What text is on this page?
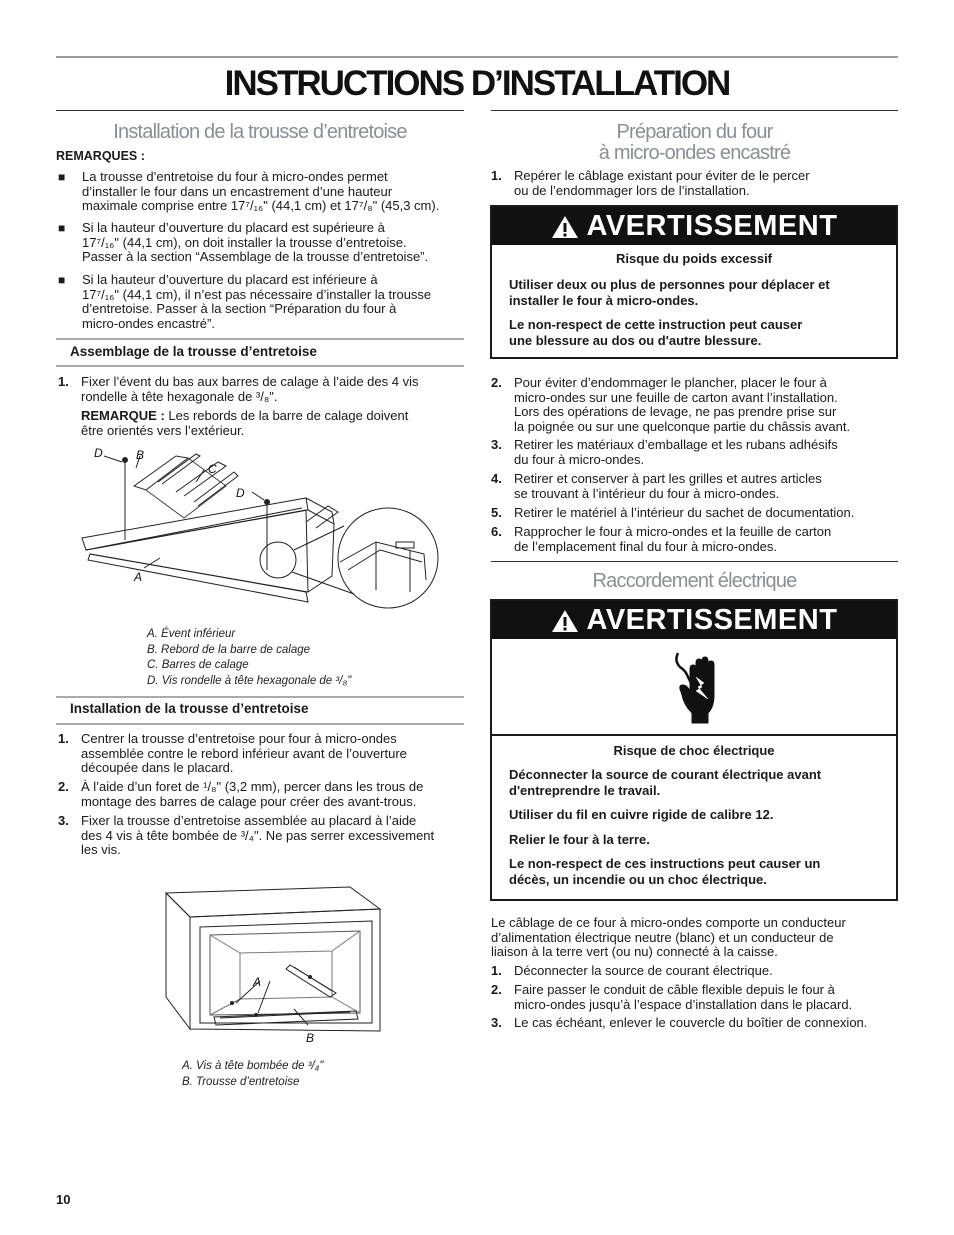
INSTRUCTIONS D’INSTALLATION
Installation de la trousse d’entretoise
REMARQUES :
■ La trousse d’entretoise du four à micro-ondes permet
d’installer le four dans un encastrement d’une hauteur
maximale comprise entre 17⁷/₁₆" (44,1 cm) et 17⁷/₈" (45,3 cm).
■ Si la hauteur d’ouverture du placard est supérieure à
17⁷/₁₆" (44,1 cm), on doit installer la trousse d’entretoise.
Passer à la section “Assemblage de la trousse d’entretoise”.
■ Si la hauteur d’ouverture du placard est inférieure à
17⁷/₁₆" (44,1 cm), il n’est pas nécessaire d’installer la trousse
d’entretoise. Passer à la section “Préparation du four à
micro-ondes encastré”.
Assemblage de la trousse d’entretoise
1. Fixer l’évent du bas aux barres de calage à l’aide des 4 vis
rondelle à tête hexagonale de ³/₈".
REMARQUE : Les rebords de la barre de calage doivent
être orientés vers l’extérieur.
D	B
C
D
A
A. Évent inférieur
B. Rebord de la barre de calage
C. Barres de calage
D. Vis rondelle à tête hexagonale de ³/₈"
Installation de la trousse d’entretoise
1. Centrer la trousse d’entretoise pour four à micro-ondes
assemblée contre le rebord inférieur avant de l’ouverture
découpée dans le placard.
2. À l’aide d’un foret de ¹/₈" (3,2 mm), percer dans les trous de
montage des barres de calage pour créer des avant-trous.
3. Fixer la trousse d’entretoise assemblée au placard à l’aide
des 4 vis à tête bombée de ³/₄". Ne pas serrer excessivement
les vis.
A
B
A. Vis à tête bombée de ³/₄"
B. Trousse d’entretoise
Préparation du four
à micro-ondes encastré
1. Repérer le câblage existant pour éviter de le percer
ou de l’endommager lors de l’installation.
AVERTISSEMENT
Risque du poids excessif
Utiliser deux ou plus de personnes pour déplacer et
installer le four à micro-ondes.
Le non-respect de cette instruction peut causer
une blessure au dos ou d'autre blessure.
2. Pour éviter d’endommager le plancher, placer le four à
micro-ondes sur une feuille de carton avant l’installation.
Lors des opérations de levage, ne pas prendre prise sur
la poignée ou sur une quelconque partie du châssis avant.
3. Retirer les matériaux d’emballage et les rubans adhésifs
du four à micro-ondes.
4. Retirer et conserver à part les grilles et autres articles
se trouvant à l’intérieur du four à micro-ondes.
5. Retirer le matériel à l’intérieur du sachet de documentation.
6. Rapprocher le four à micro-ondes et la feuille de carton
de l’emplacement final du four à micro-ondes.
Raccordement électrique
AVERTISSEMENT
Risque de choc électrique
Déconnecter la source de courant électrique avant
d'entreprendre le travail.
Utiliser du fil en cuivre rigide de calibre 12.
Relier le four à la terre.
Le non-respect de ces instructions peut causer un
décès, un incendie ou un choc électrique.
Le câblage de ce four à micro-ondes comporte un conducteur
d’alimentation électrique neutre (blanc) et un conducteur de
liaison à la terre vert (ou nu) connecté à la caisse.
1. Déconnecter la source de courant électrique.
2. Faire passer le conduit de câble flexible depuis le four à
micro-ondes jusqu’à l’espace d’installation dans le placard.
3. Le cas échéant, enlever le couvercle du boîtier de connexion.
10
